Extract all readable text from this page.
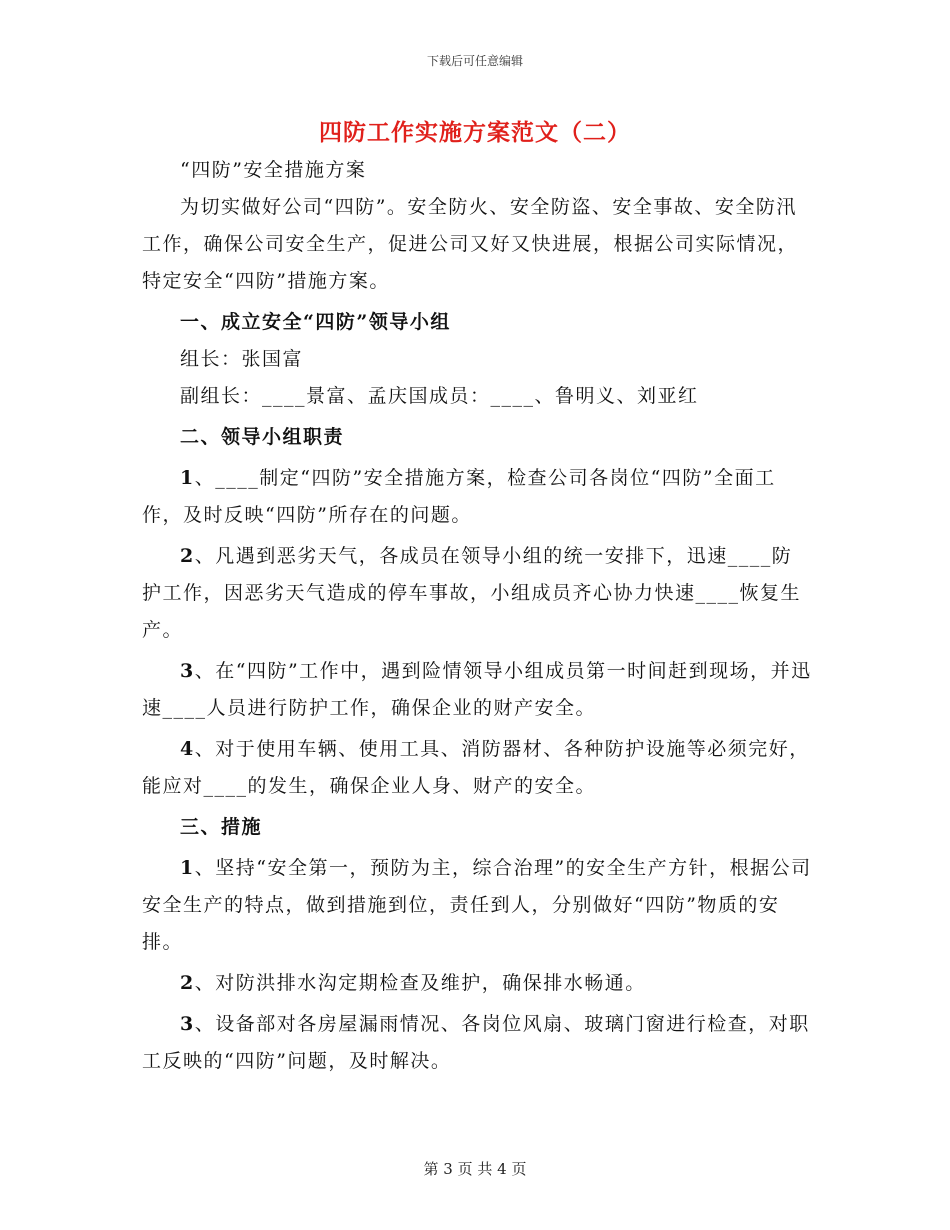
下载后可任意编辑
四防工作实施方案范文（二）

“四防”安全措施方案

为切实做好公司“四防”。安全防火、安全防盗、安全事故、安全防汛工作，确保公司安全生产，促进公司又好又快进展，根据公司实际情况，特定安全“四防”措施方案。

一、成立安全“四防”领导小组

组长：张国富

副组长：____景富、孟庆国成员：____、鲁明义、刘亚红

二、领导小组职责

1、____制定“四防”安全措施方案，检查公司各岗位“四防”全面工作，及时反映“四防”所存在的问题。

2、凡遇到恶劣天气，各成员在领导小组的统一安排下，迅速____防护工作，因恶劣天气造成的停车事故，小组成员齐心协力快速____恢复生产。

3、在“四防”工作中，遇到险情领导小组成员第一时间赶到现场，并迅速____人员进行防护工作，确保企业的财产安全。

4、对于使用车辆、使用工具、消防器材、各种防护设施等必须完好，能应对____的发生，确保企业人身、财产的安全。

三、措施

1、坚持“安全第一，预防为主，综合治理”的安全生产方针，根据公司安全生产的特点，做到措施到位，责任到人，分别做好“四防”物质的安排。

2、对防洪排水沟定期检查及维护，确保排水畅通。

3、设备部对各房屋漏雨情况、各岗位风扇、玻璃门窗进行检查，对职工反映的“四防”问题，及时解决。

第 3 页 共 4 页
